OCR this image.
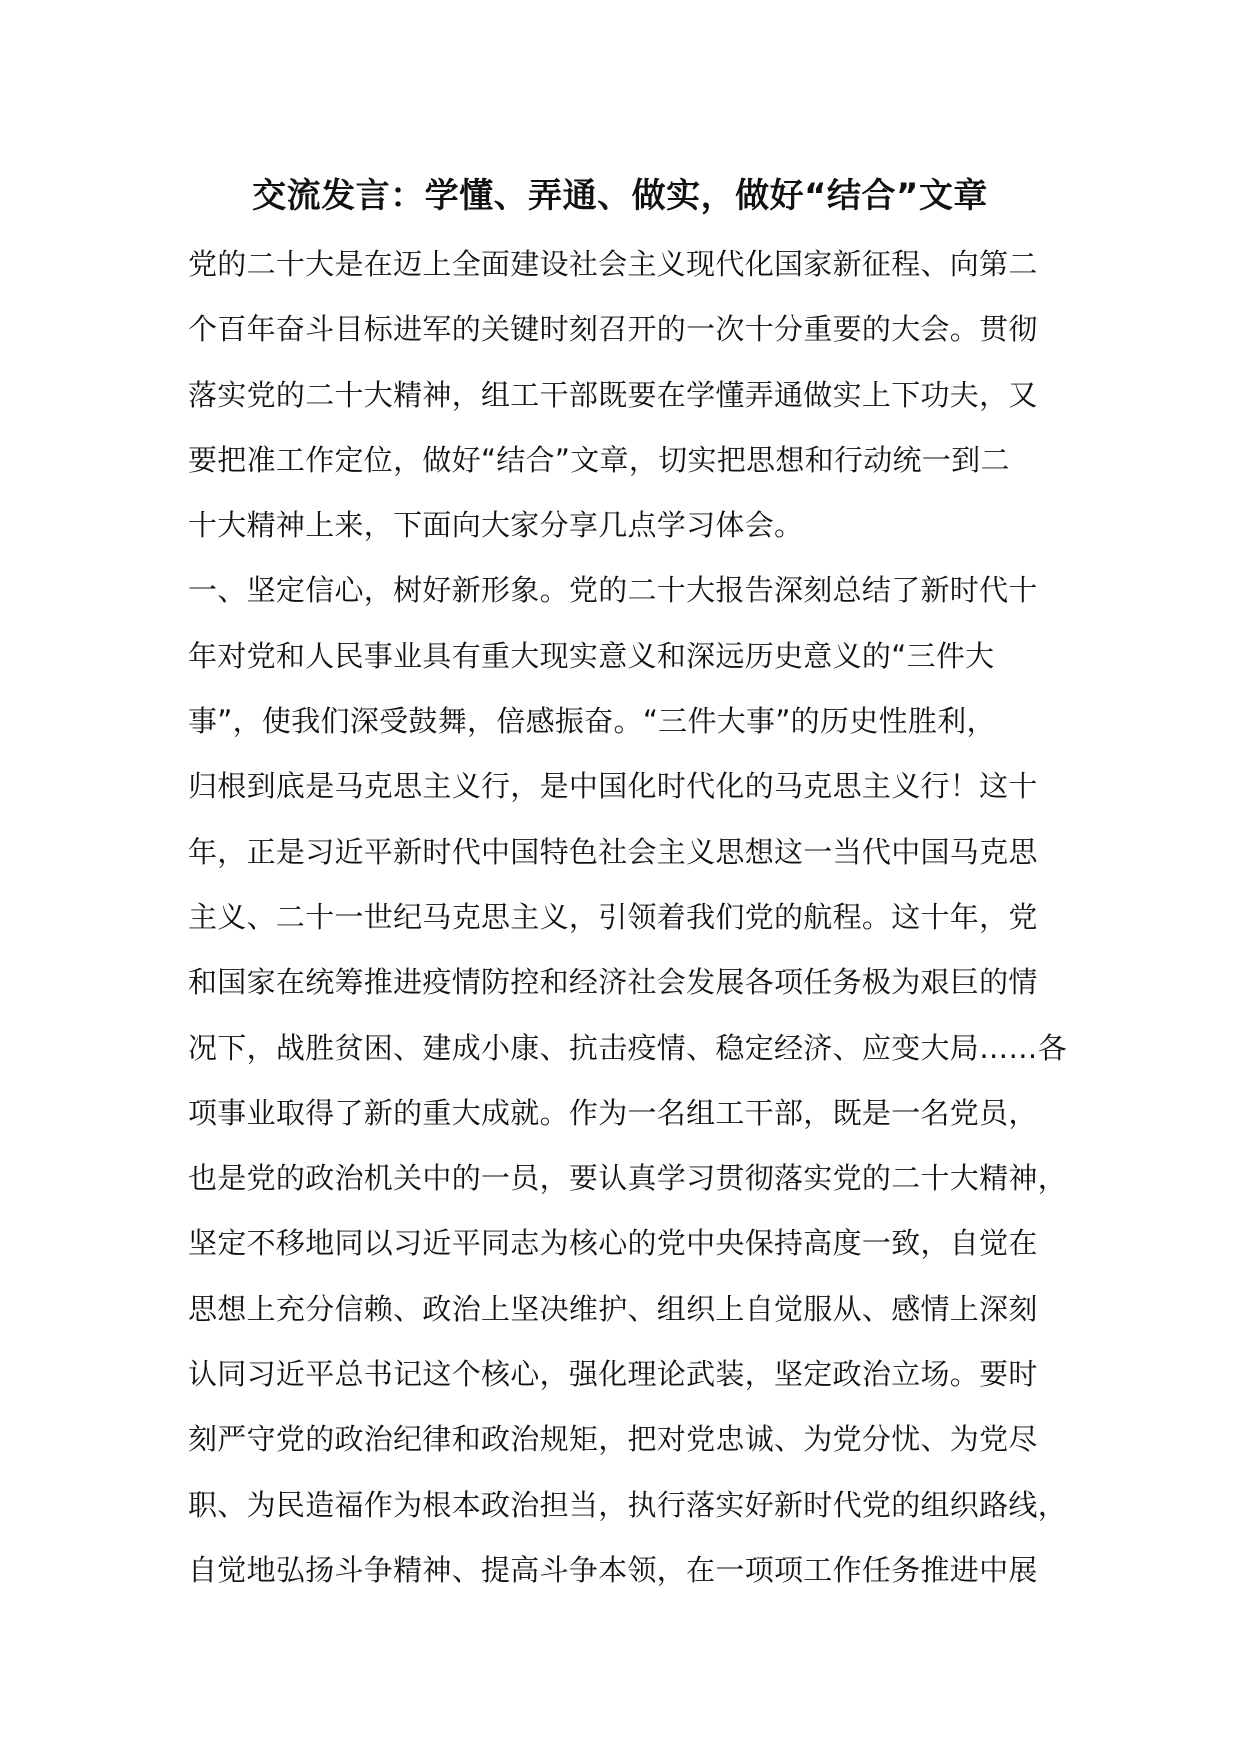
交流发言：学懂、弄通、做实，做好“结合”文章
党的二十大是在迈上全面建设社会主义现代化国家新征程、向第二
个百年奋斗目标进军的关键时刻召开的一次十分重要的大会。贯彻
落实党的二十大精神，组工干部既要在学懂弄通做实上下功夫，又
要把准工作定位，做好“结合”文章，切实把思想和行动统一到二
十大精神上来，下面向大家分享几点学习体会。
一、坚定信心，树好新形象。党的二十大报告深刻总结了新时代十
年对党和人民事业具有重大现实意义和深远历史意义的“三件大
事”，使我们深受鼓舞，倍感振奋。“三件大事”的历史性胜利，
归根到底是马克思主义行，是中国化时代化的马克思主义行！这十
年，正是习近平新时代中国特色社会主义思想这一当代中国马克思
主义、二十一世纪马克思主义，引领着我们党的航程。这十年，党
和国家在统筹推进疫情防控和经济社会发展各项任务极为艰巨的情
况下，战胜贫困、建成小康、抗击疫情、稳定经济、应变大局……各
项事业取得了新的重大成就。作为一名组工干部，既是一名党员，
也是党的政治机关中的一员，要认真学习贯彻落实党的二十大精神，
坚定不移地同以习近平同志为核心的党中央保持高度一致，自觉在
思想上充分信赖、政治上坚决维护、组织上自觉服从、感情上深刻
认同习近平总书记这个核心，强化理论武装，坚定政治立场。要时
刻严守党的政治纪律和政治规矩，把对党忠诚、为党分忧、为党尽
职、为民造福作为根本政治担当，执行落实好新时代党的组织路线，
自觉地弘扬斗争精神、提高斗争本领，在一项项工作任务推进中展
